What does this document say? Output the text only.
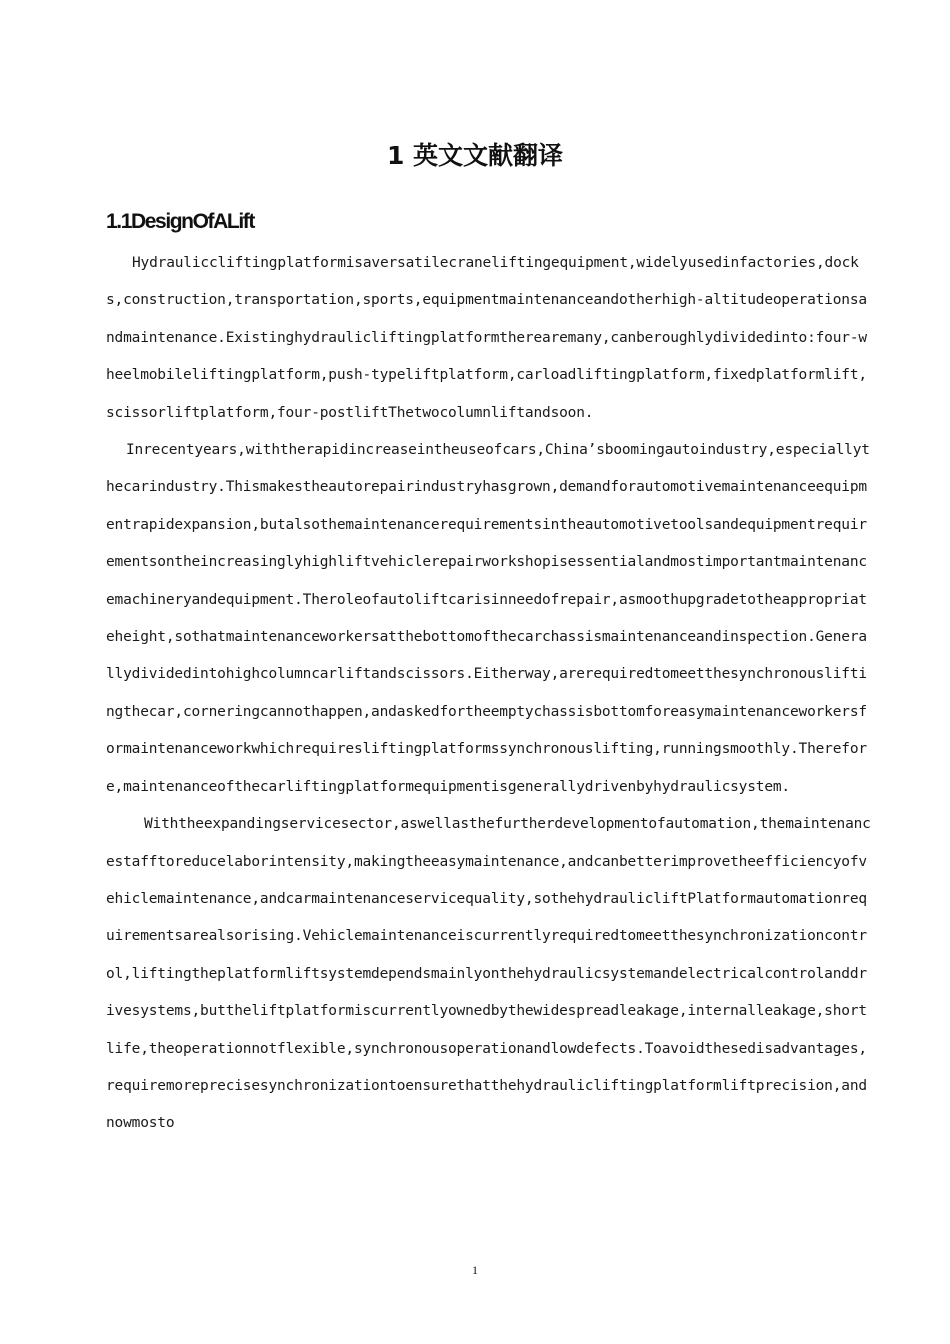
1 英文文献翻译
1.1DesignOfALift

Hydrauliccliftingplatformisaversatilecraneliftingequipment,widelyusedinfactories,docks,construction,transportation,sports,equipmentmaintenanceandotherhigh-altitudeoperationsandmaintenance.Existinghydraulicliftingplatformtherearemany,canberoughlydividedinto:four-wheelmobileliftingplatform,push-typeliftplatform,carloadliftingplatform,fixedplatformlift,scissorliftplatform,four-postliftThetwocolumnliftandsoon.

Inrecentyears,withtherapidincreaseintheuseofcars,China’sboomingautoindustry,especiallythecarindustry.Thismakestheautorepairindustryhasgrown,demandforautomotivemaintenanceequipmentrapidexpansion,butalsothemaintenancerequirementsintheautomotivetoolsandequipmentrequirementsontheincreasinglyhighliftvehiclerepairworkshopisessentialandmostimportantmaintenancemachineryandequipment.Theroleofautoliftcarisinneedofrepair,asmoothupgradetotheappropriateheight,sothatmaintenanceworkersatthebottomofthecarchassismaintenanceandinspection.Generallydividedintohighcolumncarliftandscissors.Eitherway,arerequiredtomeetthesynchronousliftingthecar,corneringcannothappen,andaskedfortheemptychassisbottomforeasymaintenanceworkersformaintenanceworkwhichrequiresliftingplatformssynchronouslifting,runningsmoothly.Therefore,maintenanceofthecarliftingplatformequipmentisgenerallydrivenbyhydraulicsystem.

Withtheexpandingservicesector,aswellasthefurtherdevelopmentofautomation,themaintenancestafftoreducelaborintensity,makingtheeasymaintenance,andcanbetterimprovetheefficiencyofvehiclemaintenance,andcarmaintenanceservicequality,sothehydraulicliftPlatformautomationrequirementsarealsorising.Vehiclemaintenanceiscurrentlyrequiredtomeetthesynchronizationcontrol,liftingtheplatformliftsystemdependsmainlyonthehydraulicsystemandelectricalcontrolanddrivesystems,buttheliftplatformiscurrentlyownedbythewidespreadleakage,internalleakage,shortlife,theoperationnotflexible,synchronousoperationandlowdefects.Toavoidthesedisadvantages,requiremoreprecisesynchronizationtoensurethatthehydraulicliftingplatformliftprecision,andnowmosto

1
